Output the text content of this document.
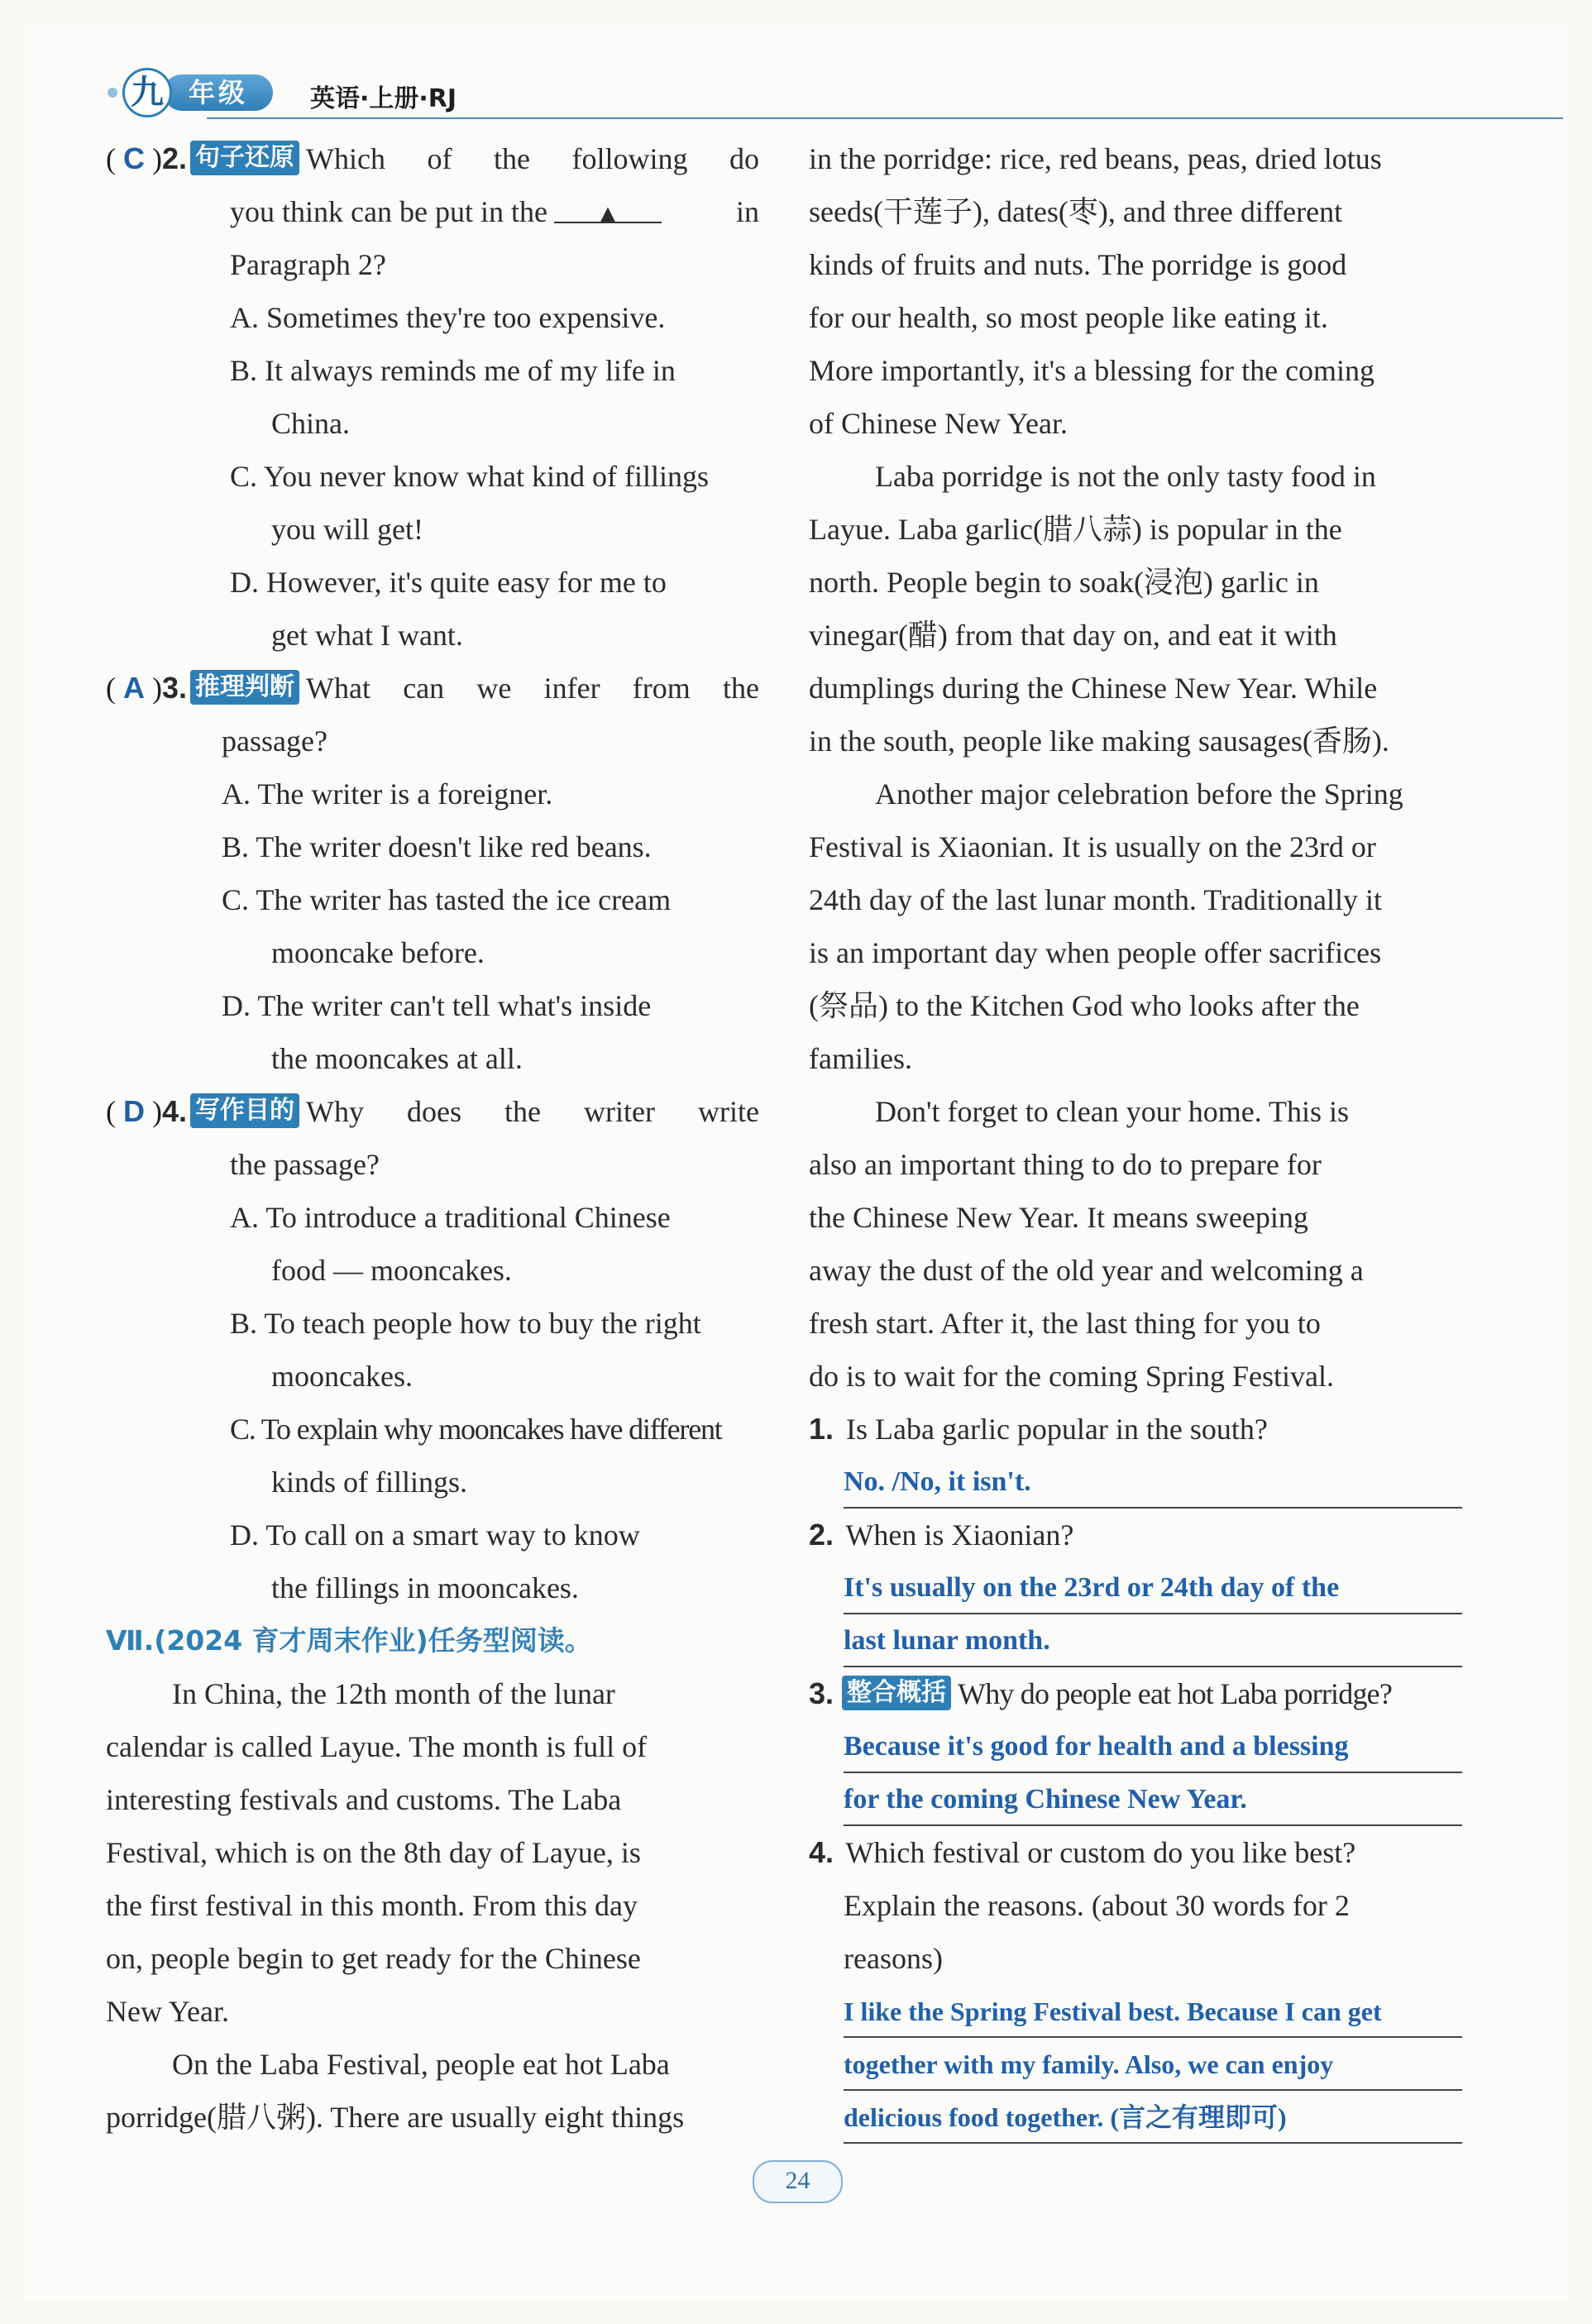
年级
九	英语·上册·RJ
( C )2. 句子还原 Which of the following do
you think can be put in the	▲	in
Paragraph 2?
A. Sometimes they're too expensive.
B. It always reminds me of my life in
China.
C. You never know what kind of fillings
you will get!
D. However, it's quite easy for me to
get what I want.
( A )3. 推理判断 What can we infer from the
passage?
A. The writer is a foreigner.
B. The writer doesn't like red beans.
C. The writer has tasted the ice cream
mooncake before.
D. The writer can't tell what's inside
the mooncakes at all.
( D )4. 写作目的 Why does the writer write
the passage?
A. To introduce a traditional Chinese
food — mooncakes.
B. To teach people how to buy the right
mooncakes.
C. To explain why mooncakes have different
kinds of fillings.
D. To call on a smart way to know
the fillings in mooncakes.
Ⅶ.(2024 育才周末作业)任务型阅读。
In China, the 12th month of the lunar
calendar is called Layue. The month is full of
interesting festivals and customs. The Laba
Festival, which is on the 8th day of Layue, is
the first festival in this month. From this day
on, people begin to get ready for the Chinese
New Year.
On the Laba Festival, people eat hot Laba
porridge(腊八粥). There are usually eight things
in the porridge: rice, red beans, peas, dried lotus
seeds(干莲子), dates(枣), and three different
kinds of fruits and nuts. The porridge is good
for our health, so most people like eating it.
More importantly, it's a blessing for the coming
of Chinese New Year.
Laba porridge is not the only tasty food in
Layue. Laba garlic(腊八蒜) is popular in the
north. People begin to soak(浸泡) garlic in
vinegar(醋) from that day on, and eat it with
dumplings during the Chinese New Year. While
in the south, people like making sausages(香肠).
Another major celebration before the Spring
Festival is Xiaonian. It is usually on the 23rd or
24th day of the last lunar month. Traditionally it
is an important day when people offer sacrifices
(祭品) to the Kitchen God who looks after the
families.
Don't forget to clean your home. This is
also an important thing to do to prepare for
the Chinese New Year. It means sweeping
away the dust of the old year and welcoming a
fresh start. After it, the last thing for you to
do is to wait for the coming Spring Festival.
1. Is Laba garlic popular in the south?
No. /No, it isn't.
2. When is Xiaonian?
It's usually on the 23rd or 24th day of the
last lunar month.
3. 整合概括 Why do people eat hot Laba porridge?
Because it's good for health and a blessing
for the coming Chinese New Year.
4. Which festival or custom do you like best?
Explain the reasons. (about 30 words for 2
reasons)
I like the Spring Festival best. Because I can get
together with my family. Also, we can enjoy
delicious food together. (言之有理即可)
24
